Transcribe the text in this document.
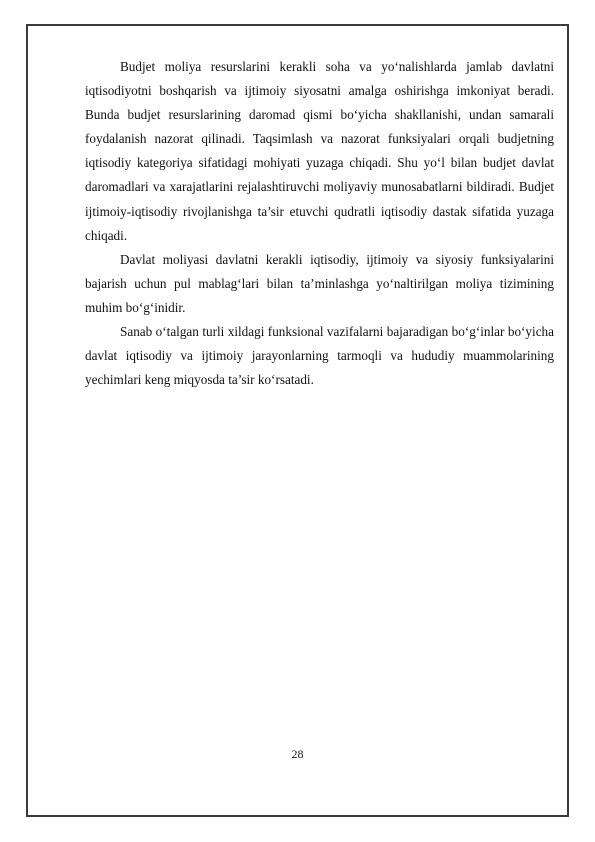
Budjet moliya resurslarini kerakli soha va yo‘nalishlarda jamlab davlatni iqtisodiyotni boshqarish va ijtimoiy siyosatni amalga oshirishga imkoniyat beradi. Bunda budjet resurslarining daromad qismi bo‘yicha shakllanishi, undan samarali foydalanish nazorat qilinadi. Taqsimlash va nazorat funksiyalari orqali budjetning iqtisodiy kategoriya sifatidagi mohiyati yuzaga chiqadi. Shu yo‘l bilan budjet davlat daromadlari va xarajatlarini rejalashtiruvchi moliyaviy munosabatlarni bildiradi. Budjet ijtimoiy-iqtisodiy rivojlanishga ta’sir etuvchi qudratli iqtisodiy dastak sifatida yuzaga chiqadi.

Davlat moliyasi davlatni kerakli iqtisodiy, ijtimoiy va siyosiy funksiyalarini bajarish uchun pul mablag‘lari bilan ta’minlashga yo‘naltirilgan moliya tizimining muhim bo‘g‘inidir.

Sanab o‘talgan turli xildagi funksional vazifalarni bajaradigan bo‘g‘inlar bo‘yicha davlat iqtisodiy va ijtimoiy jarayonlarning tarmoqli va hududiy muammolarining yechimlari keng miqyosda ta’sir ko‘rsatadi.

28
